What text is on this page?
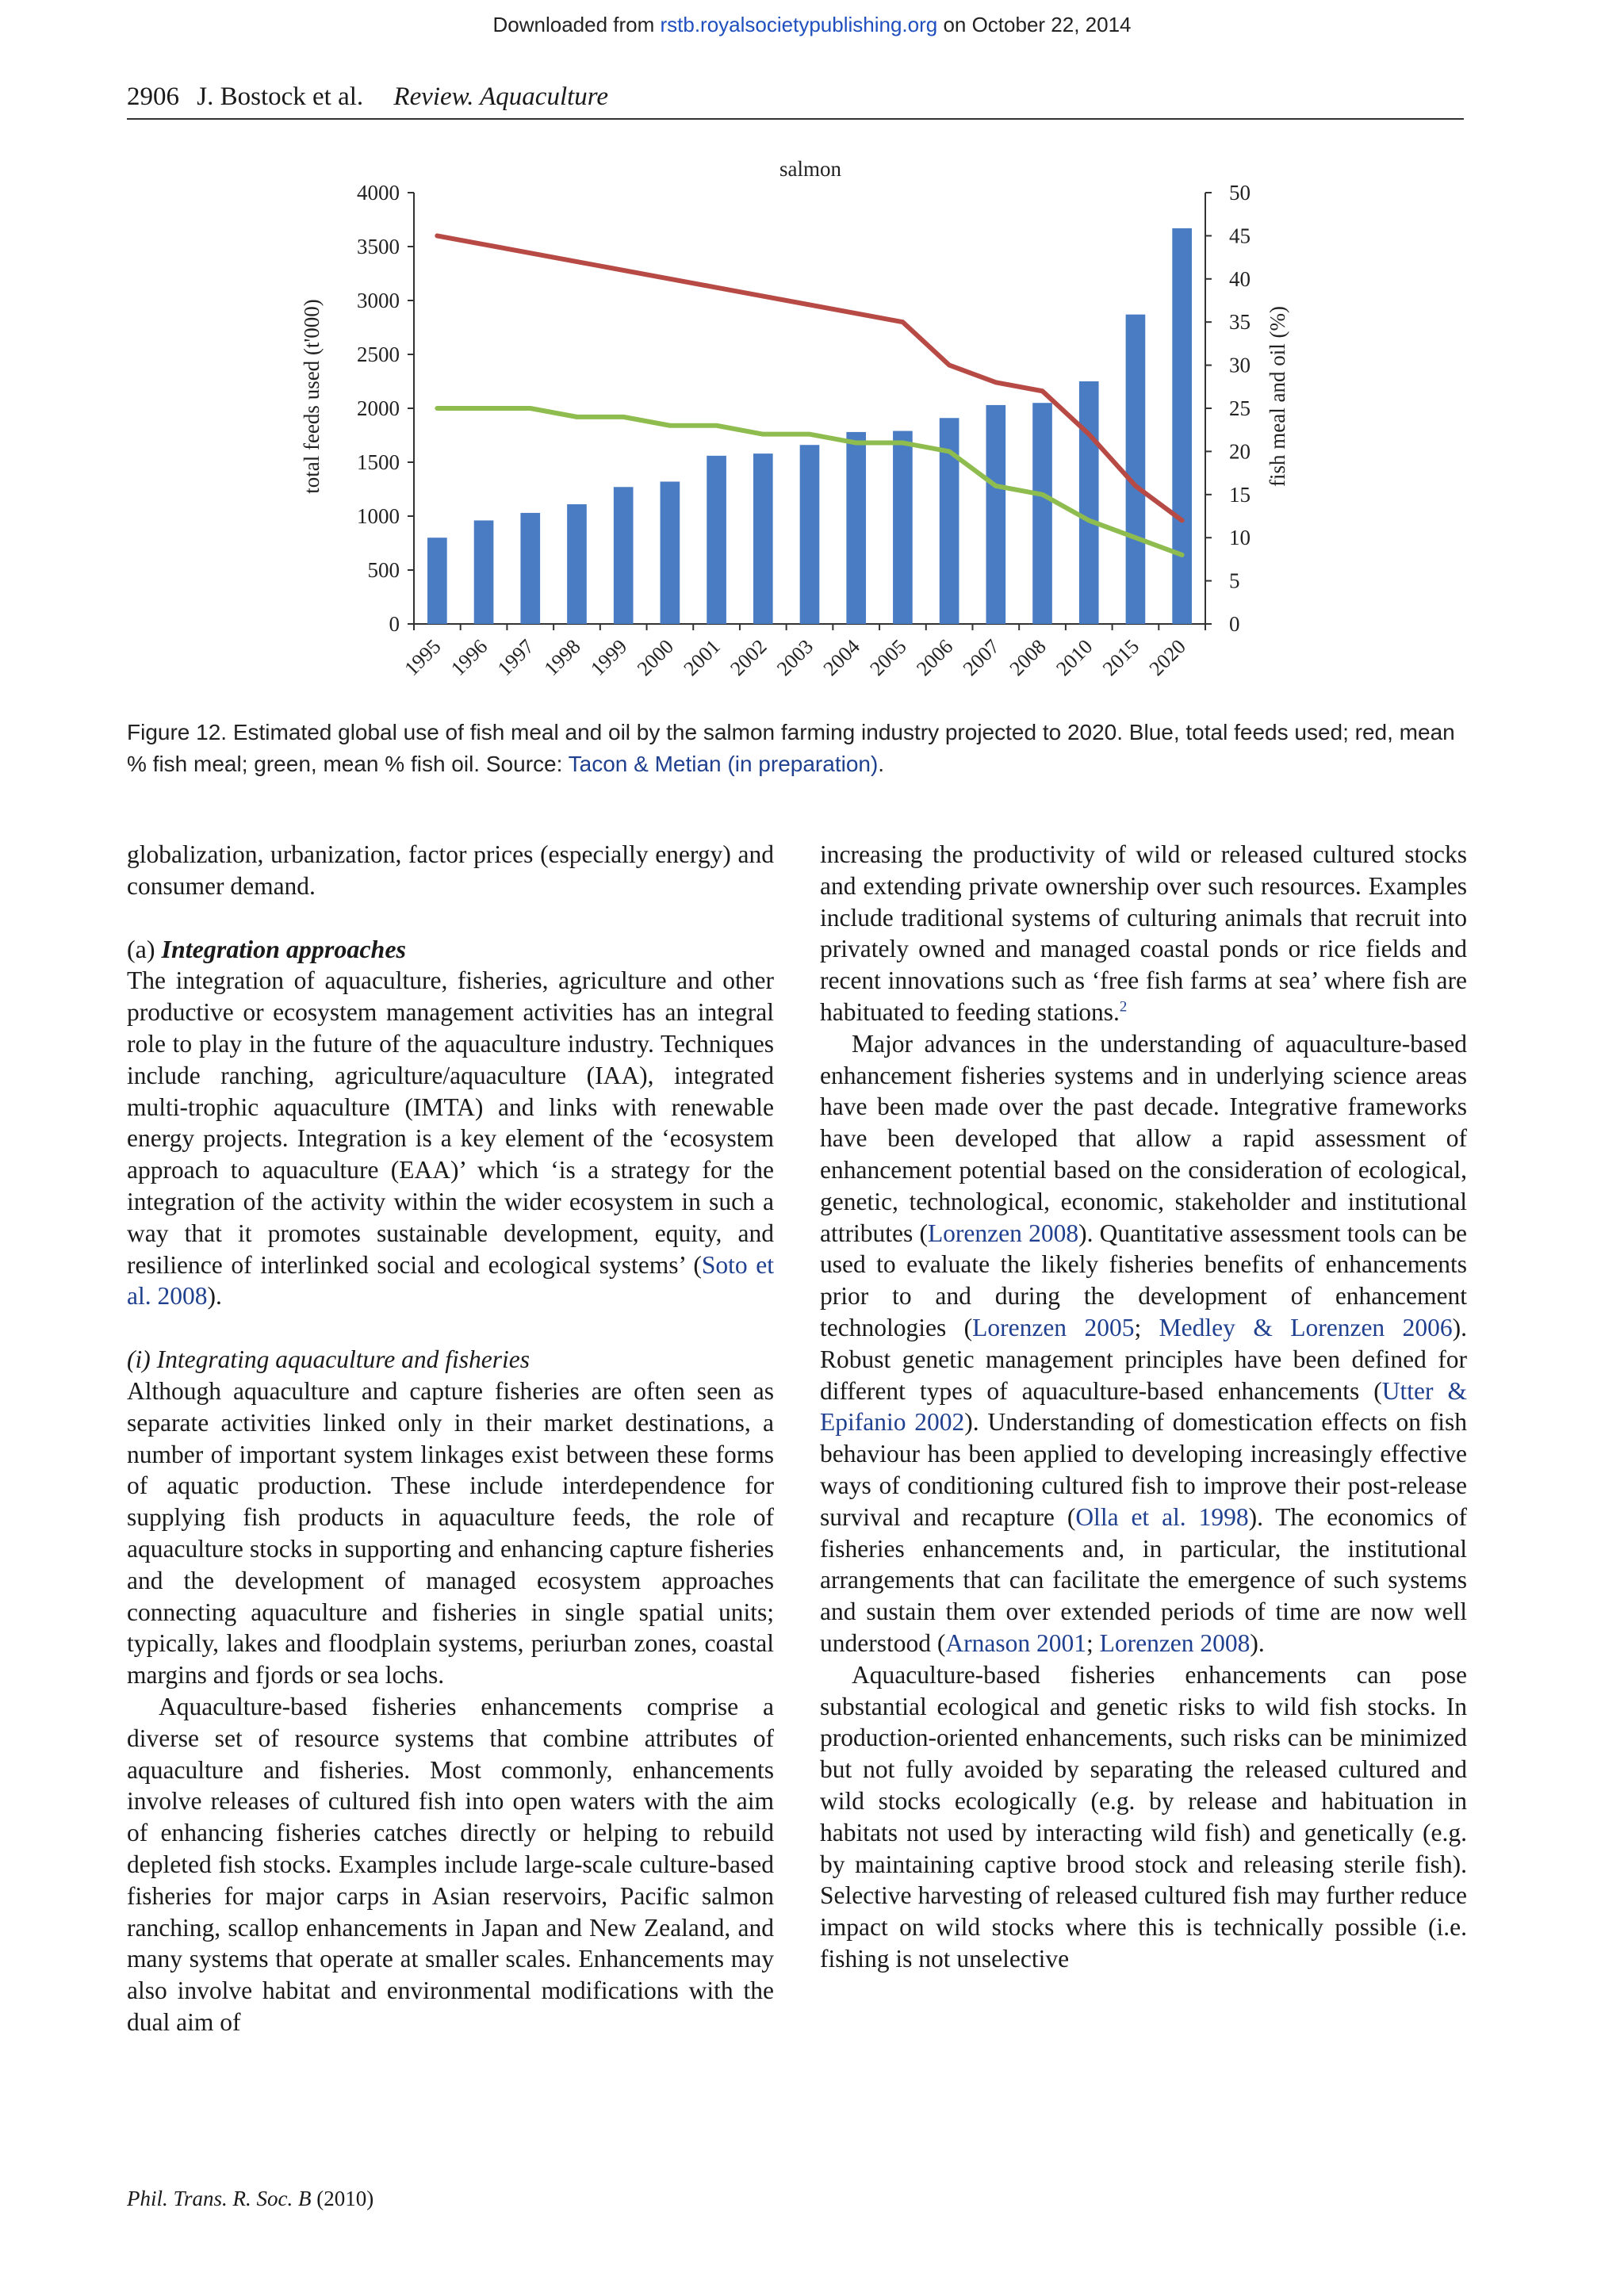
Downloaded from rstb.royalsocietypublishing.org on October 22, 2014
2906 J. Bostock et al. Review. Aquaculture
salmon
total feeds used (t'000)	fish meal and oil (%)
4000
3500
3000
2500
2000
1500
1000
500
0
50
45
40
35
30
25
20
15
10
5
0
1995 1996 1997 1998 1999 2000 2001 2002 2003 2004 2005 2006 2007 2008 2010 2015 2020
Figure 12. Estimated global use of fish meal and oil by the salmon farming industry projected to 2020. Blue, total feeds used; red, mean % fish meal; green, mean % fish oil. Source: Tacon & Metian (in preparation).

globalization, urbanization, factor prices (especially energy) and consumer demand.

(a) Integration approaches

The integration of aquaculture, fisheries, agriculture and other productive or ecosystem management activities has an integral role to play in the future of the aquaculture industry. Techniques include ranching, agriculture/aquaculture (IAA), integrated multi-trophic aquaculture (IMTA) and links with renewable energy projects. Integration is a key element of the ‘ecosystem approach to aquaculture (EAA)’ which ‘is a strategy for the integration of the activity within the wider ecosystem in such a way that it promotes sustainable development, equity, and resilience of interlinked social and ecological systems’ (Soto et al. 2008).

(i) Integrating aquaculture and fisheries

Although aquaculture and capture fisheries are often seen as separate activities linked only in their market destinations, a number of important system linkages exist between these forms of aquatic production. These include interdependence for supplying fish products in aquaculture feeds, the role of aquaculture stocks in supporting and enhancing capture fisheries and the development of managed ecosystem approaches connecting aquaculture and fisheries in single spatial units; typically, lakes and floodplain systems, periurban zones, coastal margins and fjords or sea lochs.

Aquaculture-based fisheries enhancements comprise a diverse set of resource systems that combine attributes of aquaculture and fisheries. Most commonly, enhancements involve releases of cultured fish into open waters with the aim of enhancing fisheries catches directly or helping to rebuild depleted fish stocks. Examples include large-scale culture-based fisheries for major carps in Asian reservoirs, Pacific salmon ranching, scallop enhancements in Japan and New Zealand, and many systems that operate at smaller scales. Enhancements may also involve habitat and environmental modifications with the dual aim of

increasing the productivity of wild or released cultured stocks and extending private ownership over such resources. Examples include traditional systems of culturing animals that recruit into privately owned and managed coastal ponds or rice fields and recent innovations such as ‘free fish farms at sea’ where fish are habituated to feeding stations.$^2$

Major advances in the understanding of aquaculture-based enhancement fisheries systems and in underlying science areas have been made over the past decade. Integrative frameworks have been developed that allow a rapid assessment of enhancement potential based on the consideration of ecological, genetic, technological, economic, stakeholder and institutional attributes (Lorenzen 2008). Quantitative assessment tools can be used to evaluate the likely fisheries benefits of enhancements prior to and during the development of enhancement technologies (Lorenzen 2005; Medley & Lorenzen 2006). Robust genetic management principles have been defined for different types of aquaculture-based enhancements (Utter & Epifanio 2002). Understanding of domestication effects on fish behaviour has been applied to developing increasingly effective ways of conditioning cultured fish to improve their post-release survival and recapture (Olla et al. 1998). The economics of fisheries enhancements and, in particular, the institutional arrangements that can facilitate the emergence of such systems and sustain them over extended periods of time are now well understood (Arnason 2001; Lorenzen 2008).

Aquaculture-based fisheries enhancements can pose substantial ecological and genetic risks to wild fish stocks. In production-oriented enhancements, such risks can be minimized but not fully avoided by separating the released cultured and wild stocks ecologically (e.g. by release and habituation in habitats not used by interacting wild fish) and genetically (e.g. by maintaining captive brood stock and releasing sterile fish). Selective harvesting of released cultured fish may further reduce impact on wild stocks where this is technically possible (i.e. fishing is not unselective

Phil. Trans. R. Soc. B (2010)
